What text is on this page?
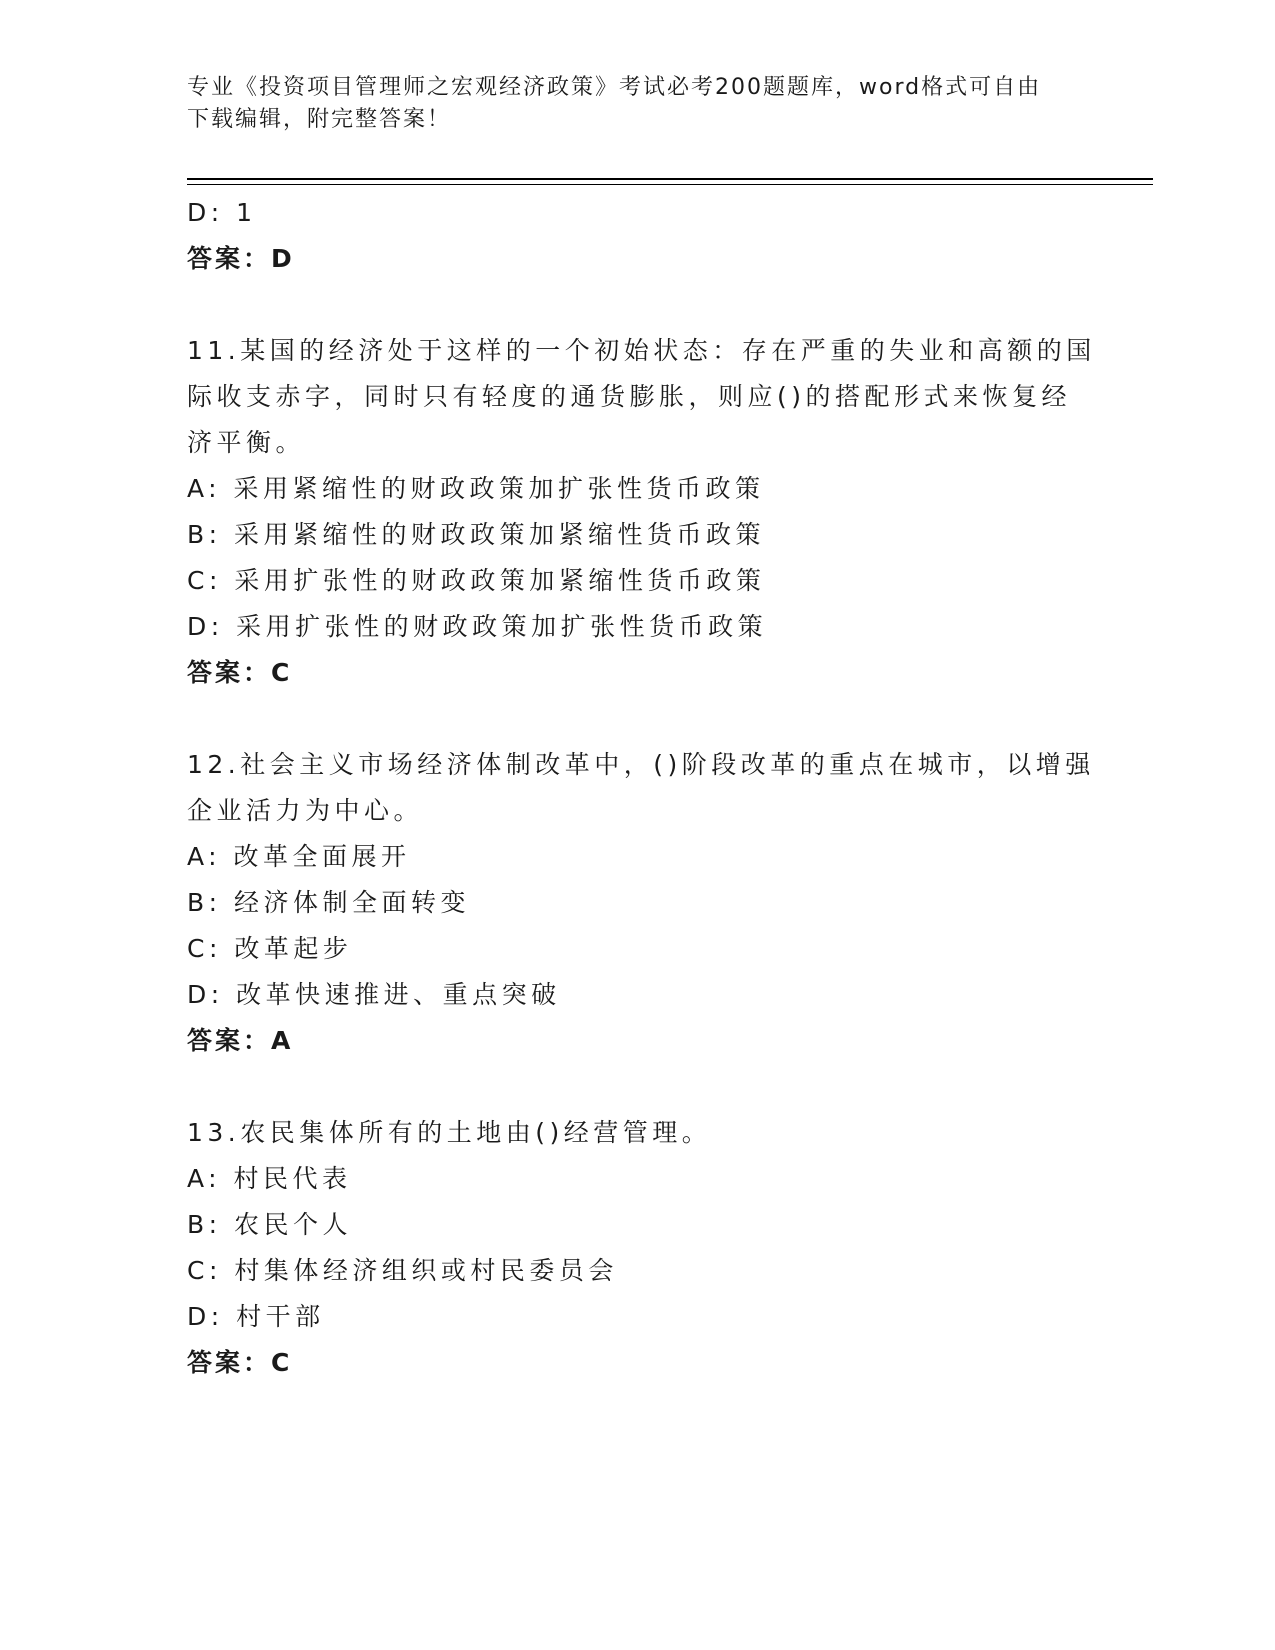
专业《投资项目管理师之宏观经济政策》考试必考200题题库，word格式可自由
下载编辑，附完整答案！

D: 1

答案：D

11.某国的经济处于这样的一个初始状态：存在严重的失业和高额的国

际收支赤字，同时只有轻度的通货膨胀，则应()的搭配形式来恢复经

济平衡。

A: 采用紧缩性的财政政策加扩张性货币政策

B: 采用紧缩性的财政政策加紧缩性货币政策

C: 采用扩张性的财政政策加紧缩性货币政策

D: 采用扩张性的财政政策加扩张性货币政策

答案：C

12.社会主义市场经济体制改革中，()阶段改革的重点在城市，以增强

企业活力为中心。

A: 改革全面展开

B: 经济体制全面转变

C: 改革起步

D: 改革快速推进、重点突破

答案：A

13.农民集体所有的土地由()经营管理。

A: 村民代表

B: 农民个人

C: 村集体经济组织或村民委员会

D: 村干部

答案：C
